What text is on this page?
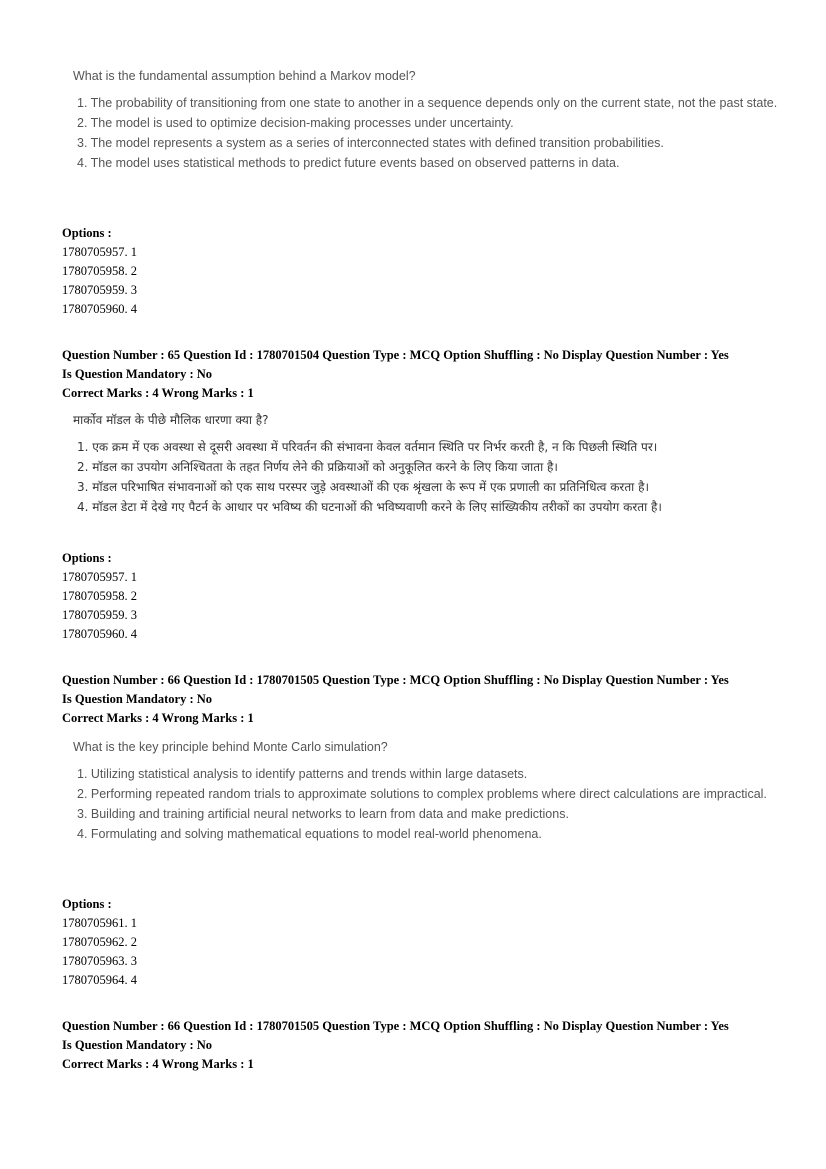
What is the fundamental assumption behind a Markov model?
1. The probability of transitioning from one state to another in a sequence depends only on the current state, not the past state.
2. The model is used to optimize decision-making processes under uncertainty.
3. The model represents a system as a series of interconnected states with defined transition probabilities.
4. The model uses statistical methods to predict future events based on observed patterns in data.
Options :
1780705957. 1
1780705958. 2
1780705959. 3
1780705960. 4
Question Number : 65 Question Id : 1780701504 Question Type : MCQ Option Shuffling : No Display Question Number : Yes
Is Question Mandatory : No
Correct Marks : 4 Wrong Marks : 1
मार्कोव मॉडल के पीछे मौलिक धारणा क्या है?
1. एक क्रम में एक अवस्था से दूसरी अवस्था में परिवर्तन की संभावना केवल वर्तमान स्थिति पर निर्भर करती है, न कि पिछली स्थिति पर।
2. मॉडल का उपयोग अनिश्चितता के तहत निर्णय लेने की प्रक्रियाओं को अनुकूलित करने के लिए किया जाता है।
3. मॉडल परिभाषित संभावनाओं को एक साथ परस्पर जुड़े अवस्थाओं की एक श्रृंखला के रूप में एक प्रणाली का प्रतिनिधित्व करता है।
4. मॉडल डेटा में देखे गए पैटर्न के आधार पर भविष्य की घटनाओं की भविष्यवाणी करने के लिए सांख्यिकीय तरीकों का उपयोग करता है।
Options :
1780705957. 1
1780705958. 2
1780705959. 3
1780705960. 4
Question Number : 66 Question Id : 1780701505 Question Type : MCQ Option Shuffling : No Display Question Number : Yes
Is Question Mandatory : No
Correct Marks : 4 Wrong Marks : 1
What is the key principle behind Monte Carlo simulation?
1. Utilizing statistical analysis to identify patterns and trends within large datasets.
2. Performing repeated random trials to approximate solutions to complex problems where direct calculations are impractical.
3. Building and training artificial neural networks to learn from data and make predictions.
4. Formulating and solving mathematical equations to model real-world phenomena.
Options :
1780705961. 1
1780705962. 2
1780705963. 3
1780705964. 4
Question Number : 66 Question Id : 1780701505 Question Type : MCQ Option Shuffling : No Display Question Number : Yes
Is Question Mandatory : No
Correct Marks : 4 Wrong Marks : 1
